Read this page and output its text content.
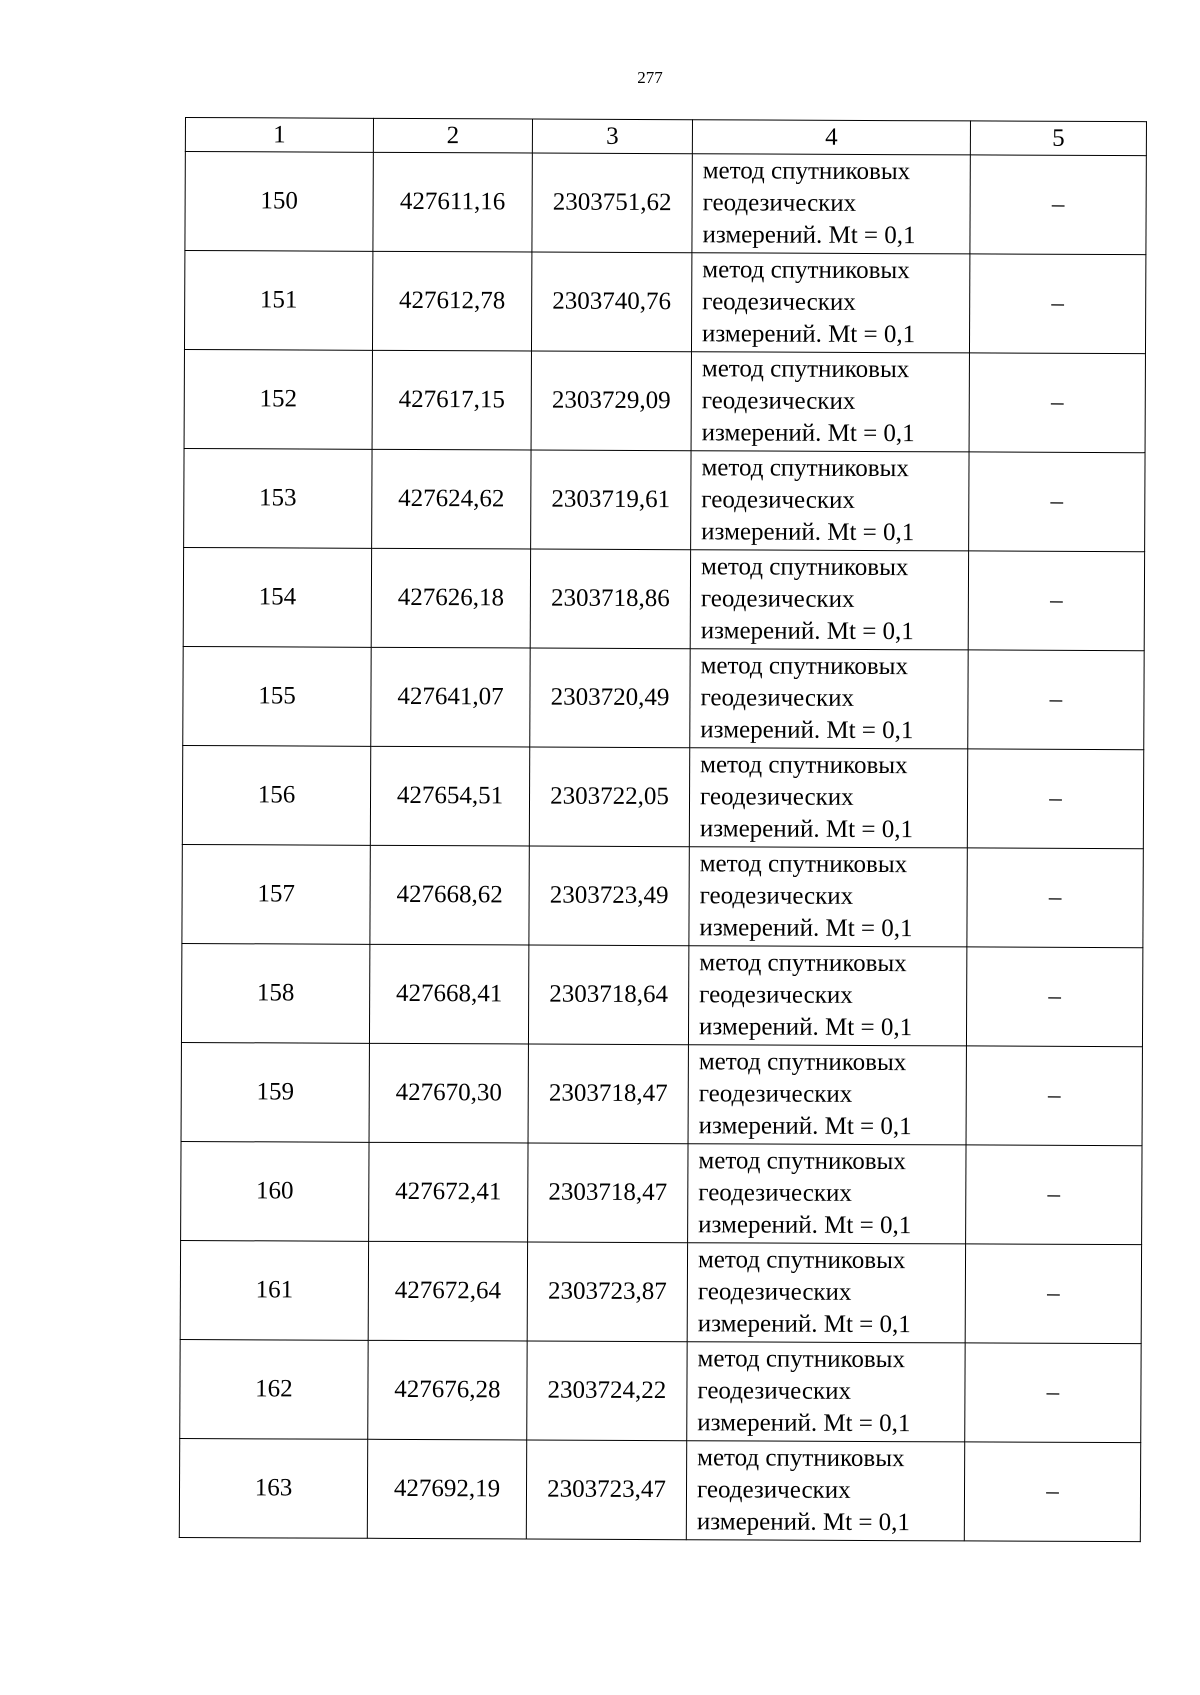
277
1	2	3	4	5
150	427611,16	2303751,62	метод спутниковых
геодезических
измерений. Mt = 0,1	–
151	427612,78	2303740,76	метод спутниковых
геодезических
измерений. Mt = 0,1	–
152	427617,15	2303729,09	метод спутниковых
геодезических
измерений. Mt = 0,1	–
153	427624,62	2303719,61	метод спутниковых
геодезических
измерений. Mt = 0,1	–
154	427626,18	2303718,86	метод спутниковых
геодезических
измерений. Mt = 0,1	–
155	427641,07	2303720,49	метод спутниковых
геодезических
измерений. Mt = 0,1	–
156	427654,51	2303722,05	метод спутниковых
геодезических
измерений. Mt = 0,1	–
157	427668,62	2303723,49	метод спутниковых
геодезических
измерений. Mt = 0,1	–
158	427668,41	2303718,64	метод спутниковых
геодезических
измерений. Mt = 0,1	–
159	427670,30	2303718,47	метод спутниковых
геодезических
измерений. Mt = 0,1	–
160	427672,41	2303718,47	метод спутниковых
геодезических
измерений. Mt = 0,1	–
161	427672,64	2303723,87	метод спутниковых
геодезических
измерений. Mt = 0,1	–
162	427676,28	2303724,22	метод спутниковых
геодезических
измерений. Mt = 0,1	–
163	427692,19	2303723,47	метод спутниковых
геодезических
измерений. Mt = 0,1	–
